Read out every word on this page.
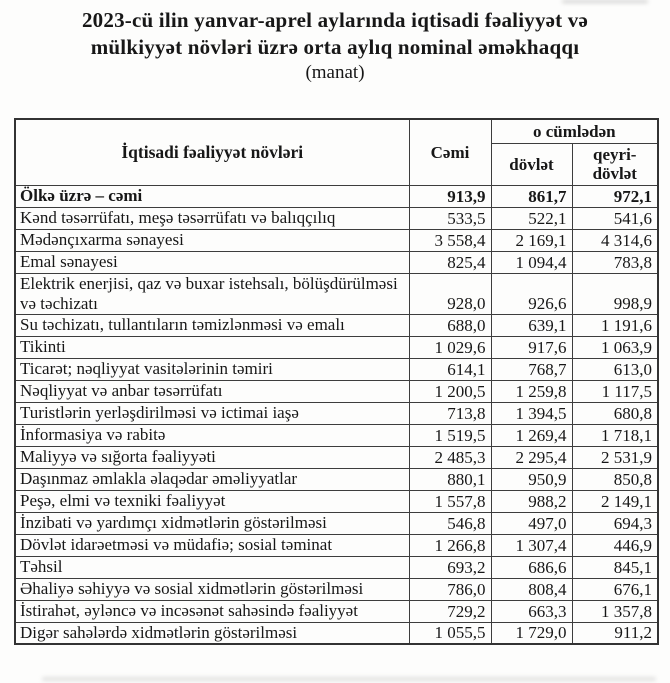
2023-cü ilin yanvar-aprel aylarında iqtisadi fəaliyyət və
mülkiyyət növləri üzrə orta aylıq nominal əməkhaqqı
(manat)
İqtisadi fəaliyyət növləri	Cəmi	o cümlədən	
		dövlət	qeyri-dövlət
Ölkə üzrə – cəmi	913,9	861,7	972,1
Kənd təsərrüfatı, meşə təsərrüfatı və balıqçılıq	533,5	522,1	541,6
Mədənçıxarma sənayesi	3 558,4	2 169,1	4 314,6
Emal sənayesi	825,4	1 094,4	783,8
Elektrik enerjisi, qaz və buxar istehsalı, bölüşdürülməsi və təchizatı	928,0	926,6	998,9
Su təchizatı, tullantıların təmizlənməsi və emalı	688,0	639,1	1 191,6
Tikinti	1 029,6	917,6	1 063,9
Ticarət; nəqliyyat vasitələrinin təmiri	614,1	768,7	613,0
Nəqliyyat və anbar təsərrüfatı	1 200,5	1 259,8	1 117,5
Turistlərin yerləşdirilməsi və ictimai iaşə	713,8	1 394,5	680,8
İnformasiya və rabitə	1 519,5	1 269,4	1 718,1
Maliyyə və sığorta fəaliyyəti	2 485,3	2 295,4	2 531,9
Daşınmaz əmlakla əlaqədar əməliyyatlar	880,1	950,9	850,8
Peşə, elmi və texniki fəaliyyət	1 557,8	988,2	2 149,1
İnzibati və yardımçı xidmətlərin göstərilməsi	546,8	497,0	694,3
Dövlət idarəetməsi və müdafiə; sosial təminat	1 266,8	1 307,4	446,9
Təhsil	693,2	686,6	845,1
Əhaliyə səhiyyə və sosial xidmətlərin göstərilməsi	786,0	808,4	676,1
İstirahət, əyləncə və incəsənət sahəsində fəaliyyət	729,2	663,3	1 357,8
Digər sahələrdə xidmətlərin göstərilməsi	1 055,5	1 729,0	911,2
